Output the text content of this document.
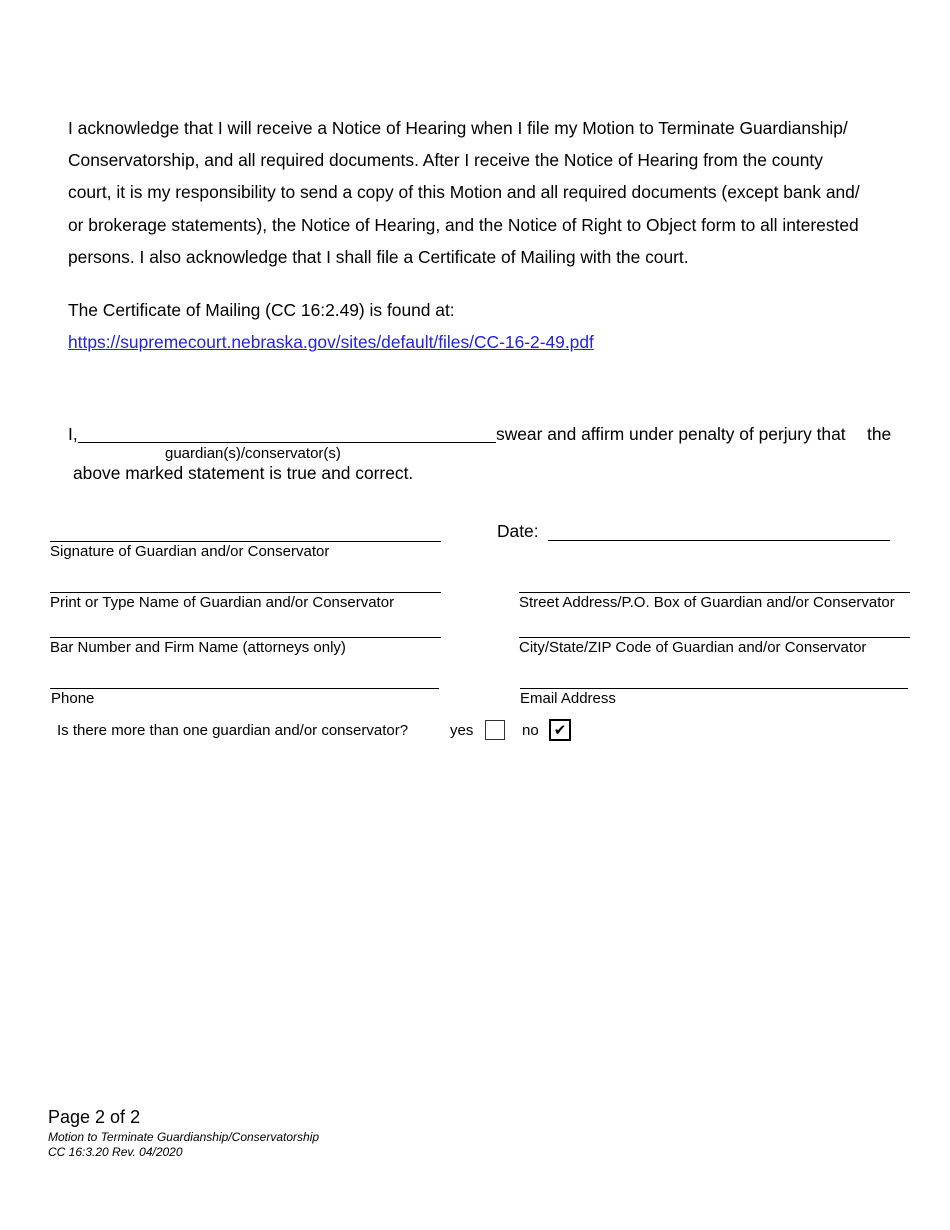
I acknowledge that I will receive a Notice of Hearing when I file my Motion to Terminate Guardianship/
Conservatorship, and all required documents. After I receive the Notice of Hearing from the county
court, it is my responsibility to send a copy of this Motion and all required documents (except bank and/
or brokerage statements), the Notice of Hearing, and the Notice of Right to Object form to all interested
persons. I also acknowledge that I shall file a Certificate of Mailing with the court.
The Certificate of Mailing (CC 16:2.49) is found at:
https://supremecourt.nebraska.gov/sites/default/files/CC-16-2-49.pdf
I,
guardian(s)/conservator(s)
swear and affirm under penalty of perjury that the
above marked statement is true and correct.
Signature of Guardian and/or Conservator
Date:
Print or Type Name of Guardian and/or Conservator	Street Address/P.O. Box of Guardian and/or Conservator
Bar Number and Firm Name (attorneys only)	City/State/ZIP Code of Guardian and/or Conservator
Phone	Email Address
Is there more than one guardian and/or conservator?	yes	no ✔
Page 2 of 2
Motion to Terminate Guardianship/Conservatorship
CC 16:3.20 Rev. 04/2020
